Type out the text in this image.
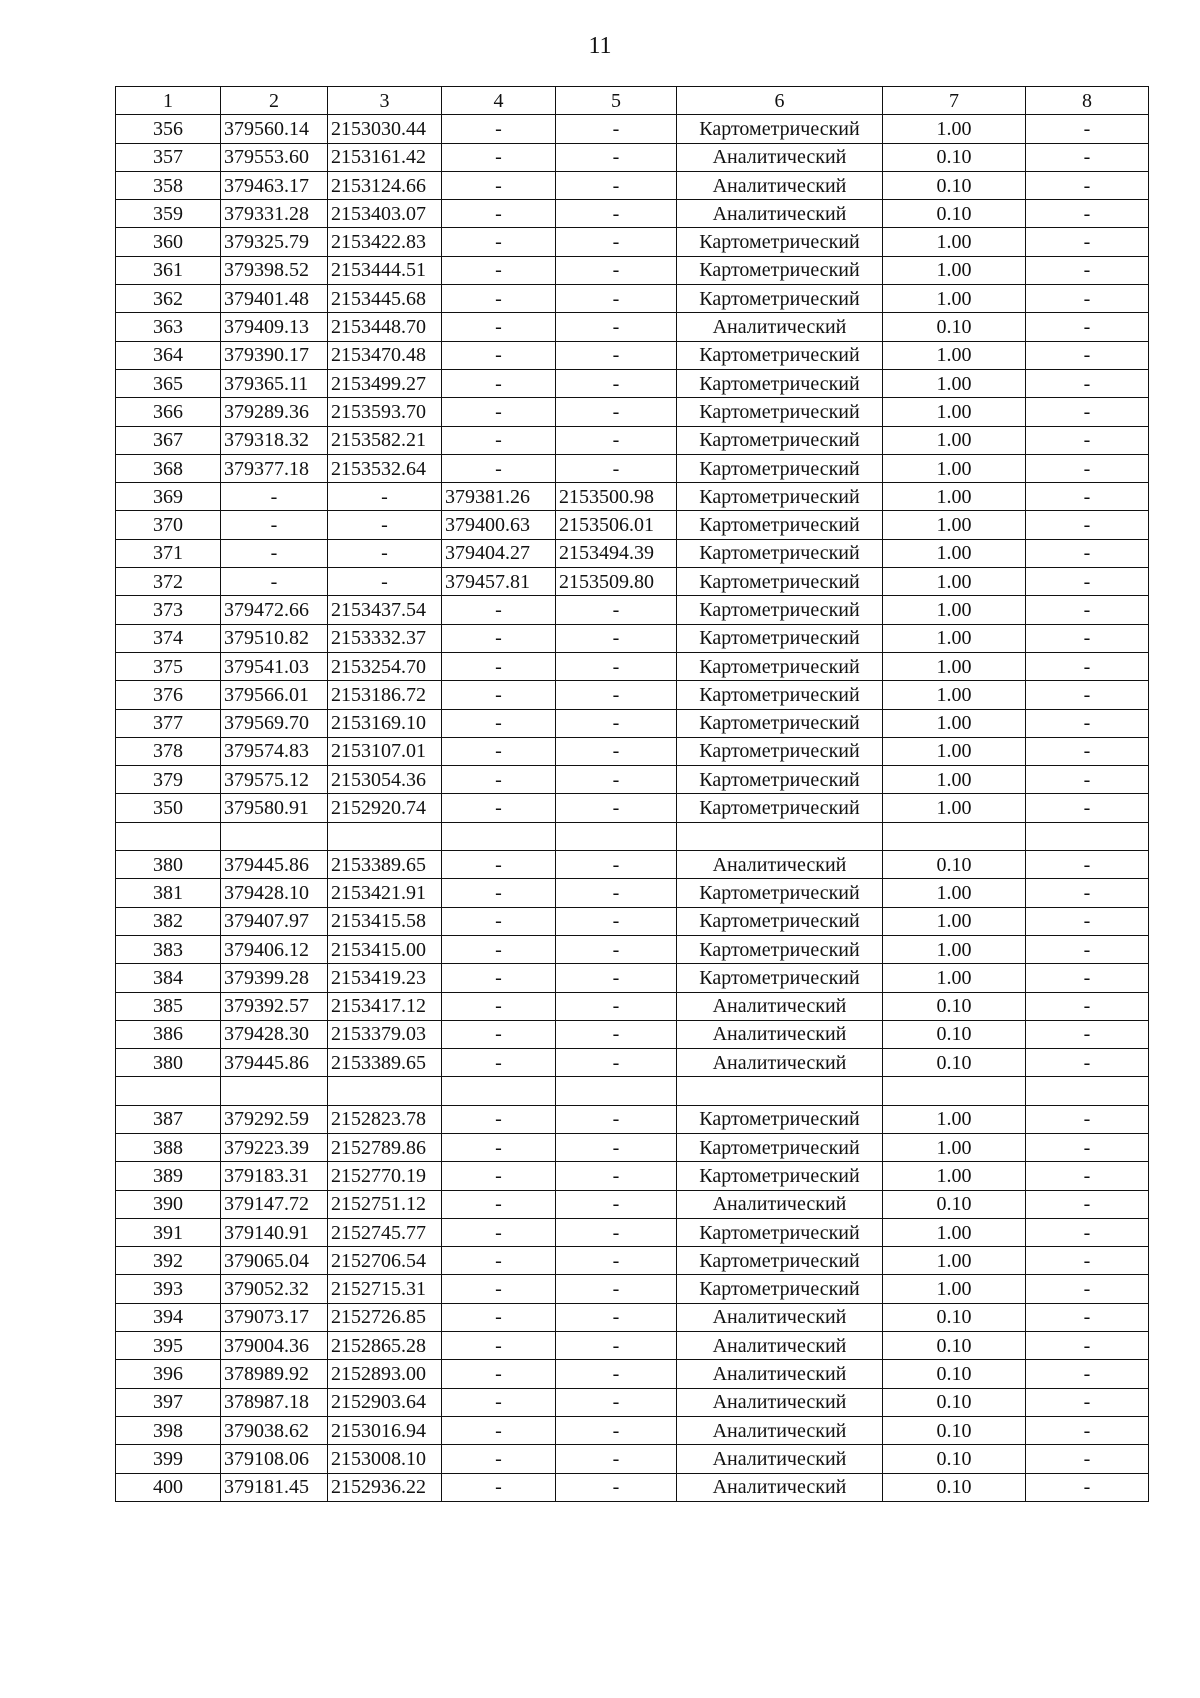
11
1	2	3	4	5	6	7	8
356	379560.14	2153030.44	-	-	Картометрический	1.00	-
357	379553.60	2153161.42	-	-	Аналитический	0.10	-
358	379463.17	2153124.66	-	-	Аналитический	0.10	-
359	379331.28	2153403.07	-	-	Аналитический	0.10	-
360	379325.79	2153422.83	-	-	Картометрический	1.00	-
361	379398.52	2153444.51	-	-	Картометрический	1.00	-
362	379401.48	2153445.68	-	-	Картометрический	1.00	-
363	379409.13	2153448.70	-	-	Аналитический	0.10	-
364	379390.17	2153470.48	-	-	Картометрический	1.00	-
365	379365.11	2153499.27	-	-	Картометрический	1.00	-
366	379289.36	2153593.70	-	-	Картометрический	1.00	-
367	379318.32	2153582.21	-	-	Картометрический	1.00	-
368	379377.18	2153532.64	-	-	Картометрический	1.00	-
369	-	-	379381.26	2153500.98	Картометрический	1.00	-
370	-	-	379400.63	2153506.01	Картометрический	1.00	-
371	-	-	379404.27	2153494.39	Картометрический	1.00	-
372	-	-	379457.81	2153509.80	Картометрический	1.00	-
373	379472.66	2153437.54	-	-	Картометрический	1.00	-
374	379510.82	2153332.37	-	-	Картометрический	1.00	-
375	379541.03	2153254.70	-	-	Картометрический	1.00	-
376	379566.01	2153186.72	-	-	Картометрический	1.00	-
377	379569.70	2153169.10	-	-	Картометрический	1.00	-
378	379574.83	2153107.01	-	-	Картометрический	1.00	-
379	379575.12	2153054.36	-	-	Картометрический	1.00	-
350	379580.91	2152920.74	-	-	Картометрический	1.00	-

380	379445.86	2153389.65	-	-	Аналитический	0.10	-
381	379428.10	2153421.91	-	-	Картометрический	1.00	-
382	379407.97	2153415.58	-	-	Картометрический	1.00	-
383	379406.12	2153415.00	-	-	Картометрический	1.00	-
384	379399.28	2153419.23	-	-	Картометрический	1.00	-
385	379392.57	2153417.12	-	-	Аналитический	0.10	-
386	379428.30	2153379.03	-	-	Аналитический	0.10	-
380	379445.86	2153389.65	-	-	Аналитический	0.10	-

387	379292.59	2152823.78	-	-	Картометрический	1.00	-
388	379223.39	2152789.86	-	-	Картометрический	1.00	-
389	379183.31	2152770.19	-	-	Картометрический	1.00	-
390	379147.72	2152751.12	-	-	Аналитический	0.10	-
391	379140.91	2152745.77	-	-	Картометрический	1.00	-
392	379065.04	2152706.54	-	-	Картометрический	1.00	-
393	379052.32	2152715.31	-	-	Картометрический	1.00	-
394	379073.17	2152726.85	-	-	Аналитический	0.10	-
395	379004.36	2152865.28	-	-	Аналитический	0.10	-
396	378989.92	2152893.00	-	-	Аналитический	0.10	-
397	378987.18	2152903.64	-	-	Аналитический	0.10	-
398	379038.62	2153016.94	-	-	Аналитический	0.10	-
399	379108.06	2153008.10	-	-	Аналитический	0.10	-
400	379181.45	2152936.22	-	-	Аналитический	0.10	-
